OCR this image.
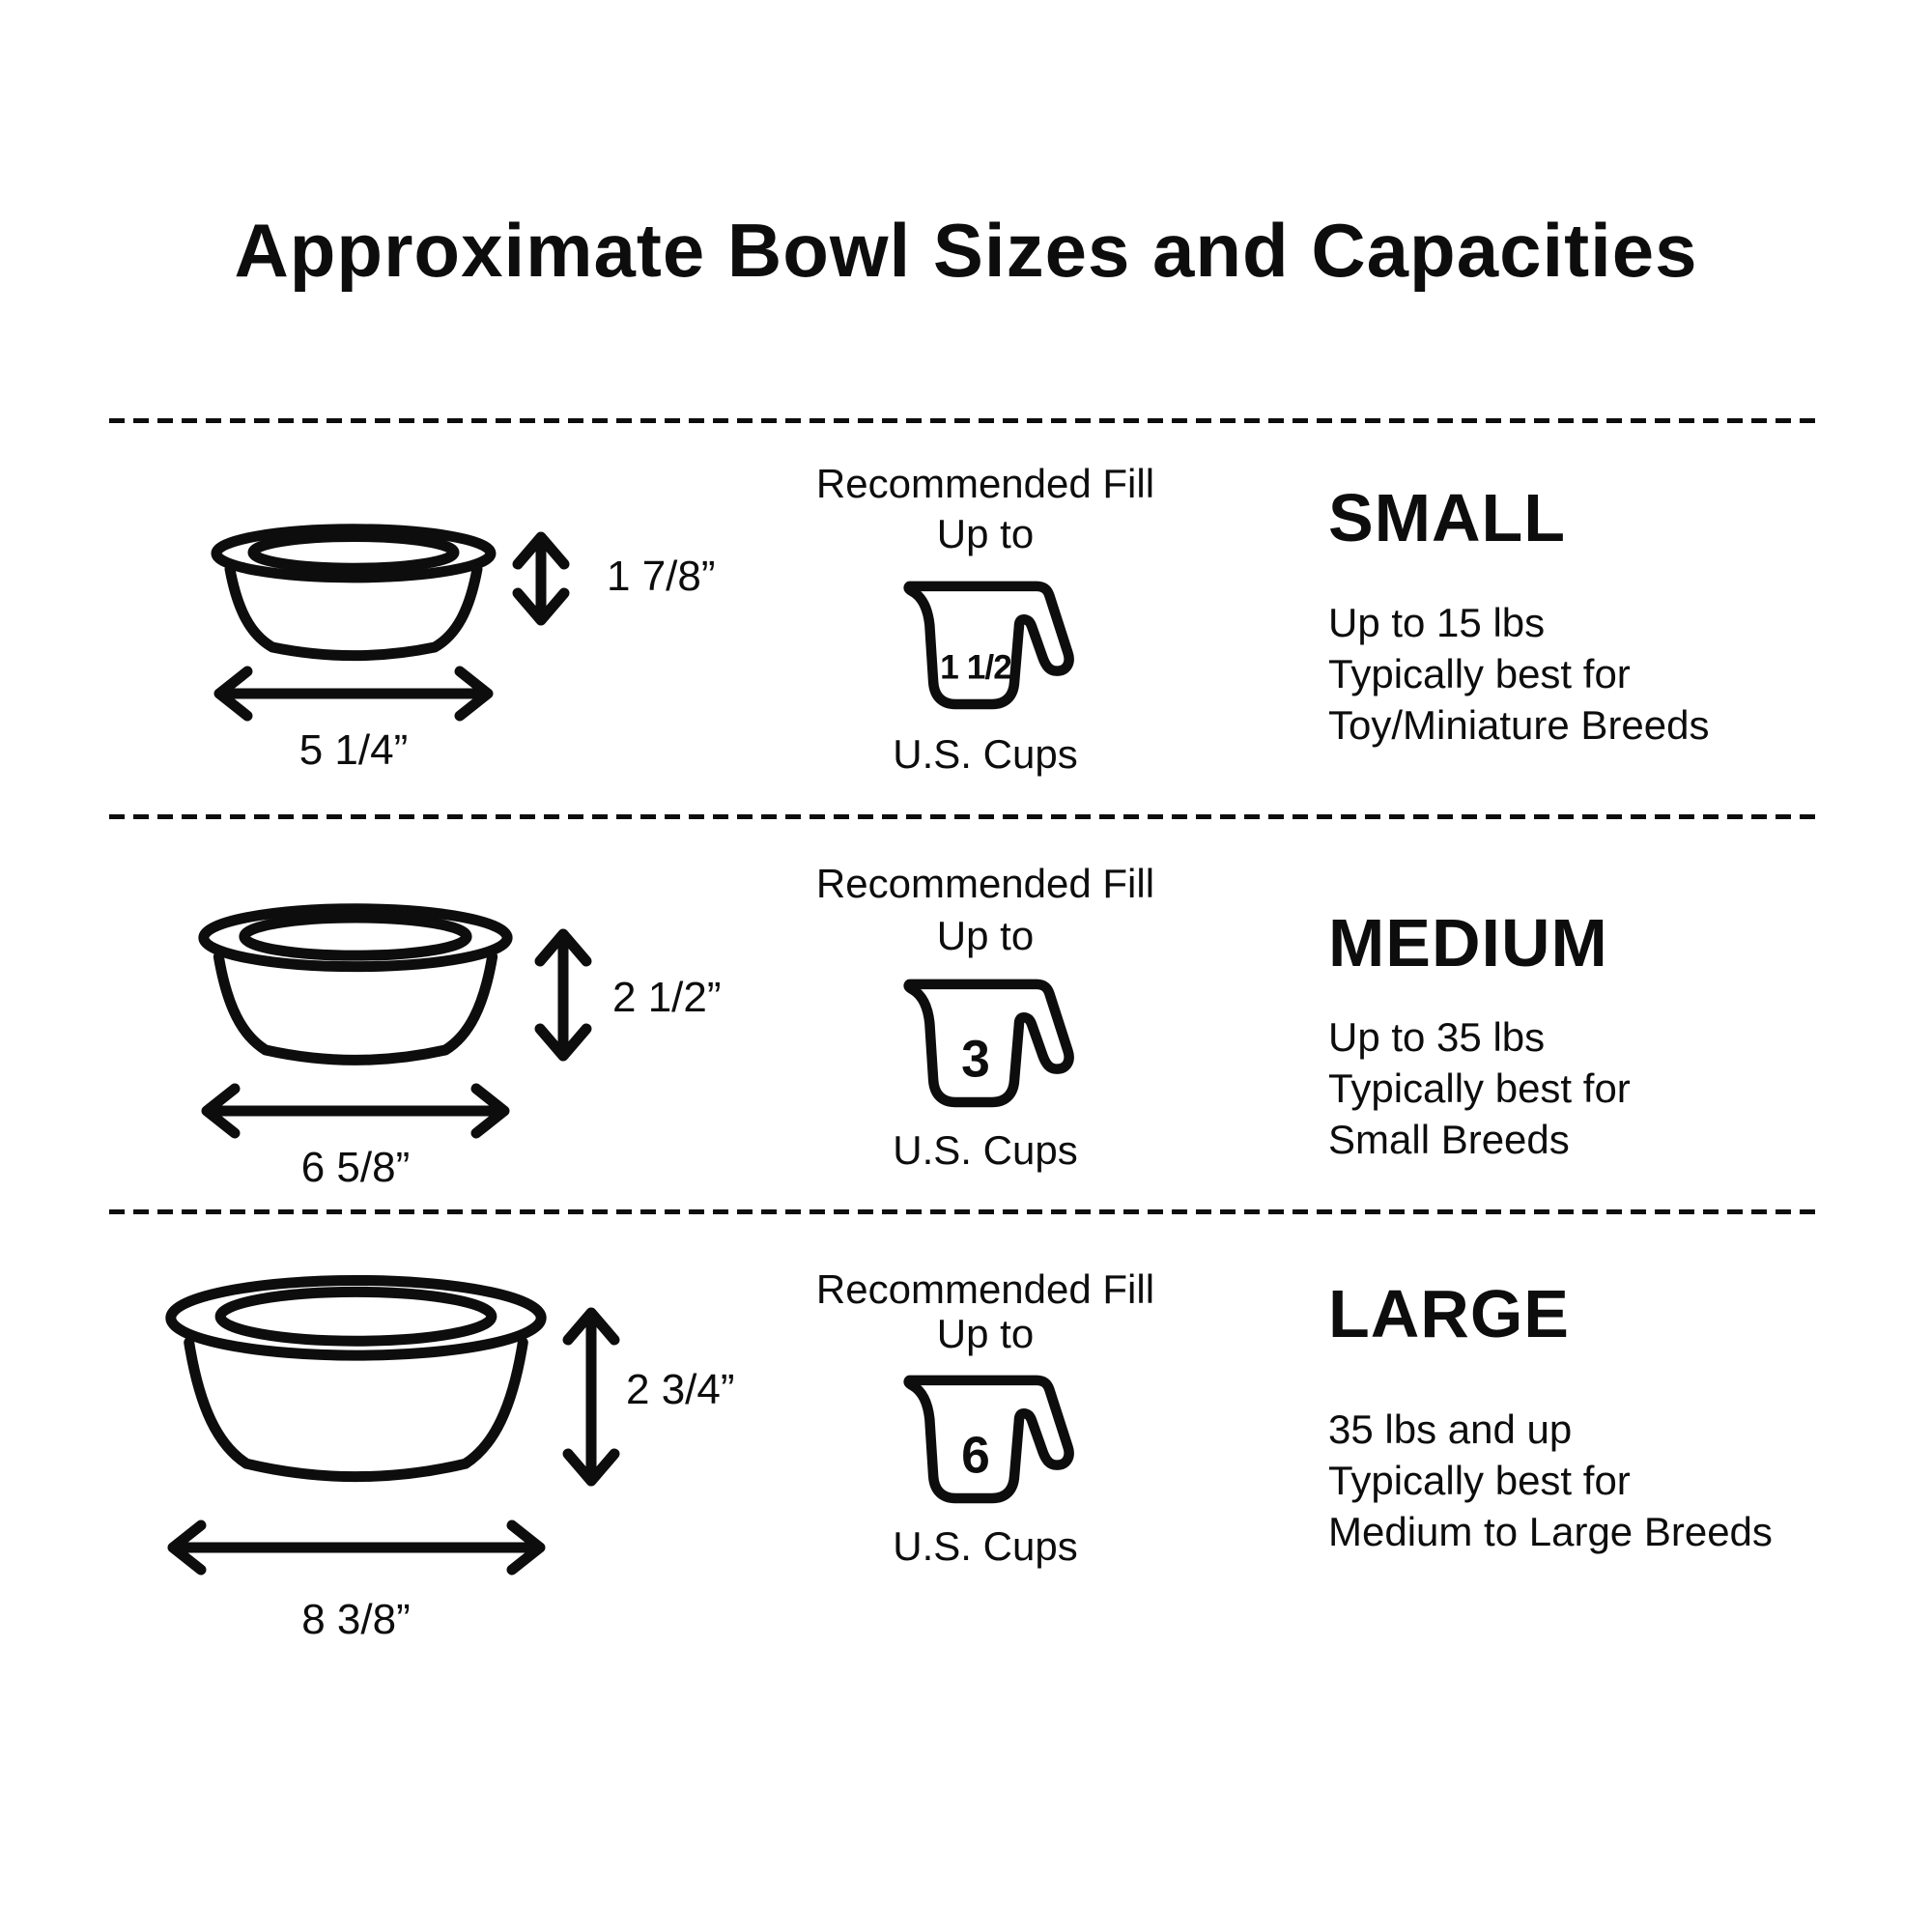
Approximate Bowl Sizes and Capacities
1 7/8”
5 1/4”
Recommended Fill
Up to
1 1/2
U.S. Cups
SMALL
Up to 15 lbs
Typically best for
Toy/Miniature Breeds
2 1/2”
6 5/8”
Recommended Fill
Up to
3
U.S. Cups
MEDIUM
Up to 35 lbs
Typically best for
Small Breeds
2 3/4”
8 3/8”
Recommended Fill
Up to
6
U.S. Cups
LARGE
35 lbs and up
Typically best for
Medium to Large Breeds
